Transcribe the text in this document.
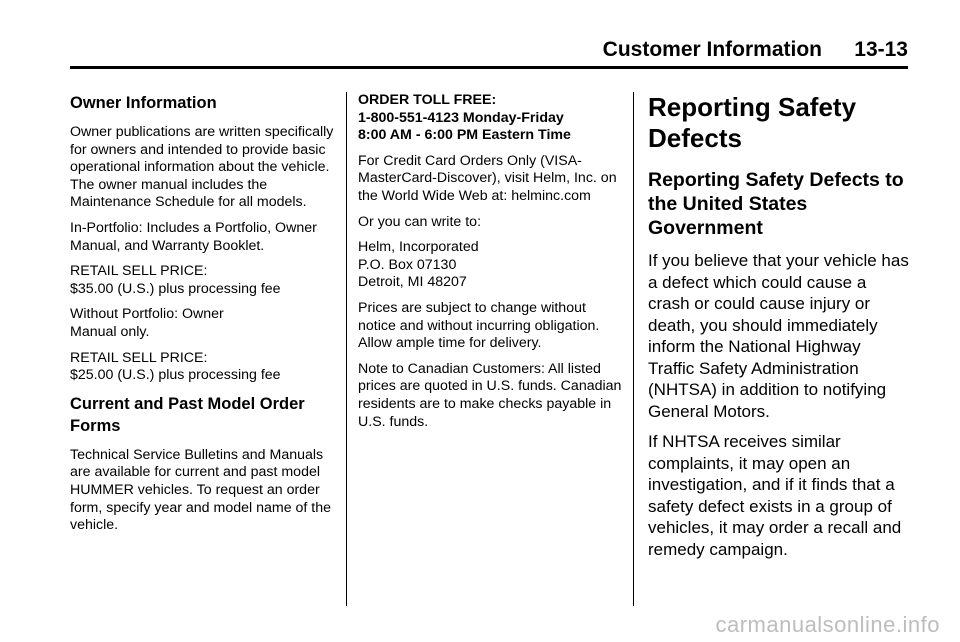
Customer Information 13-13
Owner Information

Owner publications are written specifically for owners and intended to provide basic operational information about the vehicle.
The owner manual includes the Maintenance Schedule for all models.

In-Portfolio: Includes a Portfolio, Owner Manual, and Warranty Booklet.

RETAIL SELL PRICE:
$35.00 (U.S.) plus processing fee

Without Portfolio: Owner
Manual only.

RETAIL SELL PRICE:
$25.00 (U.S.) plus processing fee

Current and Past Model Order Forms

Technical Service Bulletins and Manuals are available for current and past model HUMMER vehicles. To request an order form, specify year and model name of the vehicle.

ORDER TOLL FREE:
1-800-551-4123 Monday-Friday
8:00 AM - 6:00 PM Eastern Time

For Credit Card Orders Only (VISA-MasterCard-Discover), visit Helm, Inc. on the World Wide Web at: helminc.com

Or you can write to:

Helm, Incorporated
P.O. Box 07130
Detroit, MI 48207

Prices are subject to change without notice and without incurring obligation. Allow ample time for delivery.

Note to Canadian Customers: All listed prices are quoted in U.S. funds. Canadian residents are to make checks payable in U.S. funds.

Reporting Safety Defects
Reporting Safety Defects to the United States Government

If you believe that your vehicle has a defect which could cause a crash or could cause injury or death, you should immediately inform the National Highway Traffic Safety Administration (NHTSA) in addition to notifying General Motors.

If NHTSA receives similar complaints, it may open an investigation, and if it finds that a safety defect exists in a group of vehicles, it may order a recall and remedy campaign.

carmanualsonline.info
